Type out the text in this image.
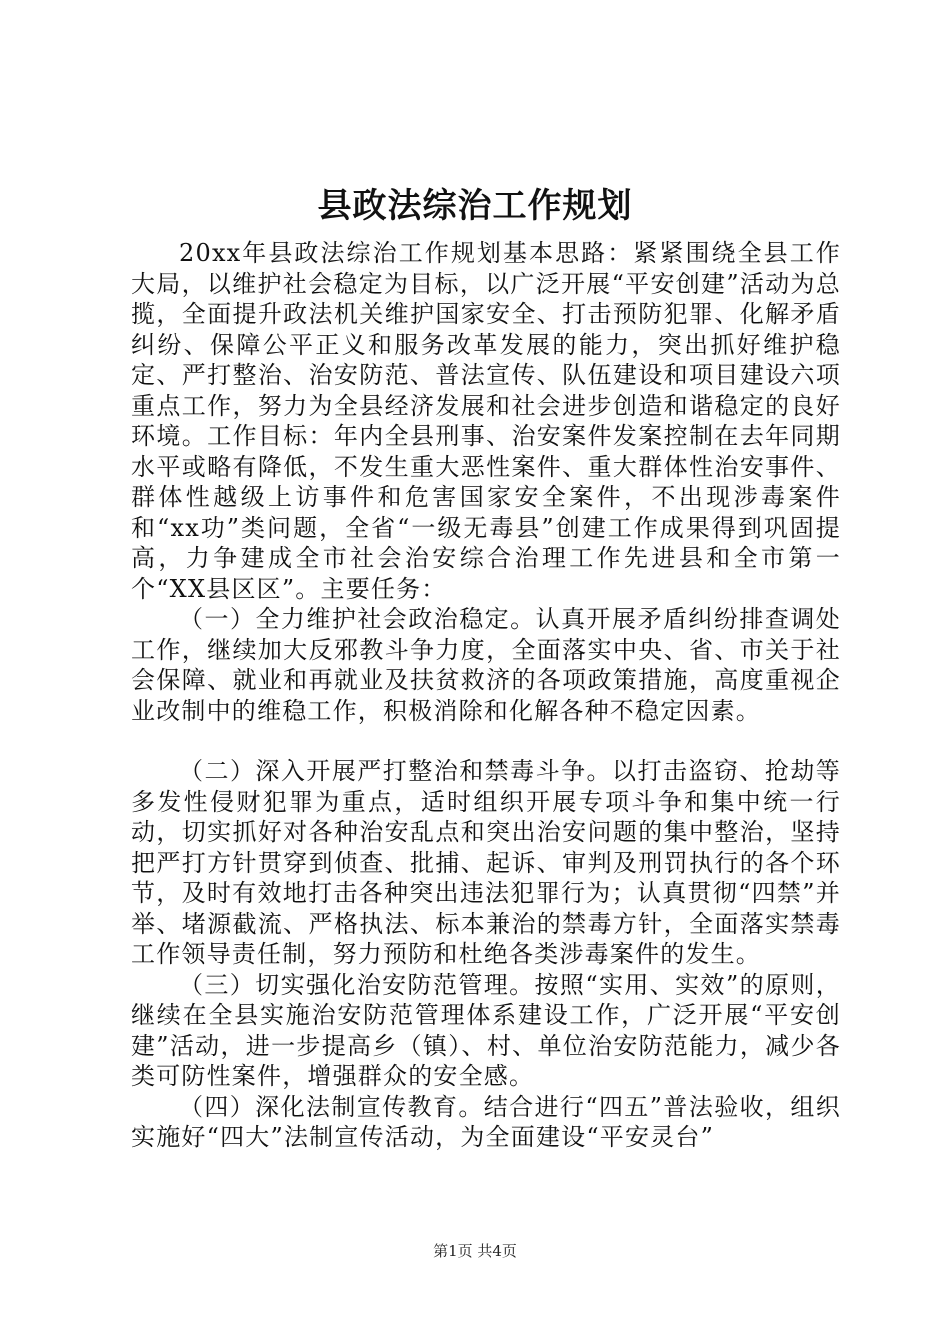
县政法综治工作规划

20xx年县政法综治工作规划基本思路：紧紧围绕全县工作大局，以维护社会稳定为目标，以广泛开展“平安创建”活动为总揽，全面提升政法机关维护国家安全、打击预防犯罪、化解矛盾纠纷、保障公平正义和服务改革发展的能力，突出抓好维护稳定、严打整治、治安防范、普法宣传、队伍建设和项目建设六项重点工作，努力为全县经济发展和社会进步创造和谐稳定的良好环境。工作目标：年内全县刑事、治安案件发案控制在去年同期水平或略有降低，不发生重大恶性案件、重大群体性治安事件、群体性越级上访事件和危害国家安全案件，不出现涉毒案件和“xx功”类问题，全省“一级无毒县”创建工作成果得到巩固提高，力争建成全市社会治安综合治理工作先进县和全市第一个“XX县区区”。主要任务：

（一）全力维护社会政治稳定。认真开展矛盾纠纷排查调处工作，继续加大反邪教斗争力度，全面落实中央、省、市关于社会保障、就业和再就业及扶贫救济的各项政策措施，高度重视企业改制中的维稳工作，积极消除和化解各种不稳定因素。

（二）深入开展严打整治和禁毒斗争。以打击盗窃、抢劫等多发性侵财犯罪为重点，适时组织开展专项斗争和集中统一行动，切实抓好对各种治安乱点和突出治安问题的集中整治，坚持把严打方针贯穿到侦查、批捕、起诉、审判及刑罚执行的各个环节，及时有效地打击各种突出违法犯罪行为；认真贯彻“四禁”并举、堵源截流、严格执法、标本兼治的禁毒方针，全面落实禁毒工作领导责任制，努力预防和杜绝各类涉毒案件的发生。

（三）切实强化治安防范管理。按照“实用、实效”的原则，继续在全县实施治安防范管理体系建设工作，广泛开展“平安创建”活动，进一步提高乡（镇）、村、单位治安防范能力，减少各类可防性案件，增强群众的安全感。

（四）深化法制宣传教育。结合进行“四五”普法验收，组织实施好“四大”法制宣传活动，为全面建设“平安灵台”

第1页 共4页
